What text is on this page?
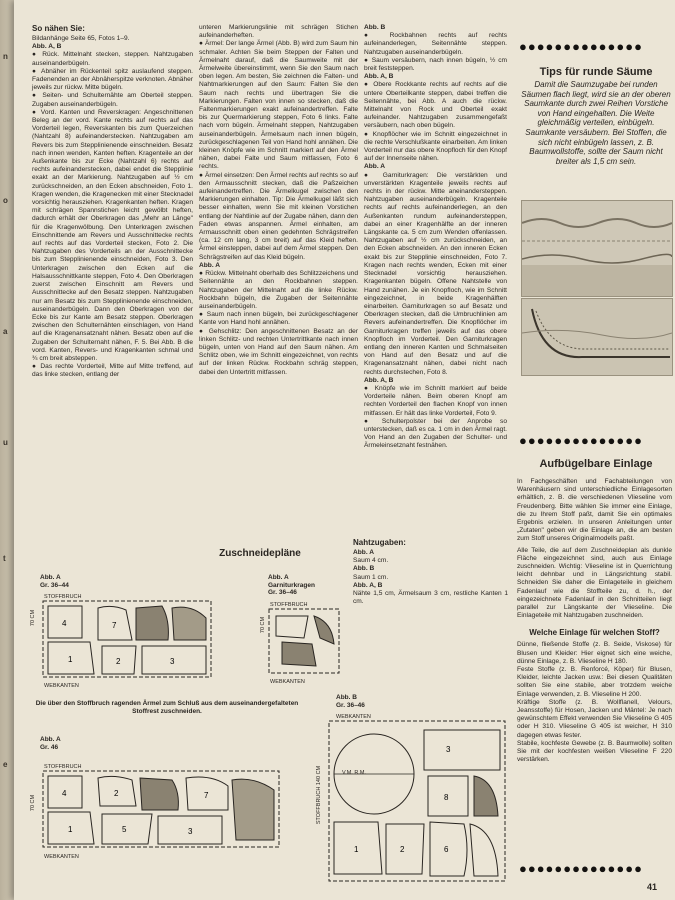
n
o
a
u
t
e

So nähen Sie:

Bildanhänge Seite 65, Fotos 1–9.

Abb. A, B

● Rück. Mittelnaht stecken, steppen. Nahtzugaben auseinanderbügeln.

● Abnäher im Rückenteil spitz auslaufend steppen. Fadenenden an der Abnäherspitze verknoten. Abnäher jeweils zur rückw. Mitte bügeln.

● Seiten- und Schulternähte am Oberteil steppen. Zugaben auseinanderbügeln.

● Vord. Kanten und Reverskragen: Angeschnittenen Beleg an der vord. Kante rechts auf rechts auf das Vorderteil legen, Reverskanten bis zum Querzeichen (Nahtzahl 8) aufeinanderstecken. Nahtzugaben am Revers bis zum Stepplinienende einschneiden. Besatz nach innen wenden, Kanten heften. Kragenteile an der Außenkante bis zur Ecke (Nahtzahl 6) rechts auf rechts aufeinanderstecken, dabei endet die Stepplinie exakt an der Markierung. Nahtzugaben auf ½ cm zurückschneiden, an den Ecken abschneiden, Foto 1. Kragen wenden, die Kragenecken mit einer Stecknadel vorsichtig herausziehen. Kragenkanten heften. Kragen mit schrägen Spannstichen leicht gewölbt heften, dadurch erhält der Oberkragen das „Mehr an Länge" für die Kragenwölbung. Den Unterkragen zwischen Einschnittende am Revers und Ausschnittecke rechts auf rechts auf das Vorderteil stecken, Foto 2. Die Nahtzugaben des Vorderteils an der Ausschnittecke bis zum Stepplinienende einschneiden, Foto 3. Den Unterkragen zwischen den Ecken auf die Halsausschnittkante steppen, Foto 4. Den Oberkragen zuerst zwischen Einschnitt am Revers und Ausschnittecke auf den Besatz steppen. Nahtzugaben nur am Besatz bis zum Stepplinienende einschneiden, auseinanderbügeln. Dann den Oberkragen von der Ecke bis zur Kante am Besatz steppen. Oberkragen zwischen den Schulternähten einschlagen, von Hand auf die Kragenansatznaht nähen. Besatz oben auf die Zugaben der Schulternaht nähen, F. 5. Bei Abb. B die vord. Kanten, Revers- und Kragenkanten schmal und ¾ cm breit absteppen.

● Das rechte Vorderteil, Mitte auf Mitte treffend, auf das linke stecken, entlang der

unteren Markierungslinie mit schrägen Stichen aufeinanderheften.

● Ärmel: Der lange Ärmel (Abb. B) wird zum Saum hin schmaler. Achten Sie beim Steppen der Falten und Ärmelnaht darauf, daß die Saumweite mit der Ärmelweite übereinstimmt, wenn Sie den Saum nach oben legen. Am besten, Sie zeichnen die Falten- und Nahtmarkierungen auf den Saum: Falten Sie den Saum nach rechts und übertragen Sie die Markierungen. Falten von innen so stecken, daß die Faltenmarkierungen exakt aufeinandertreffen. Falte bis zur Quermarkierung steppen, Foto 6 links. Falte nach vorn bügeln. Ärmelnaht steppen, Nahtzugaben auseinanderbügeln. Ärmelsaum nach innen bügeln, zurückgeschlagenen Teil von Hand hohl annähen. Die kleinen Knöpfe wie im Schnitt markiert auf den Ärmel nähen, dabei Falte und Saum mitfassen, Foto 6 rechts.

● Ärmel einsetzen: Den Ärmel rechts auf rechts so auf den Armausschnitt stecken, daß die Paßzeichen aufeinandertreffen. Die Ärmelkugel zwischen den Markierungen einhalten. Tip: Die Ärmelkugel läßt sich besser einhalten, wenn Sie mit kleinen Vorstichen entlang der Nahtlinie auf der Zugabe nähen, dann den Faden etwas anspannen. Ärmel einhalten, am Armausschnitt oben einen gedehnten Schrägstreifen (ca. 12 cm lang, 3 cm breit) auf das Kleid heften. Ärmel einsteppen, dabei auf dem Ärmel steppen. Den Schrägstreifen auf das Kleid bügeln.

Abb. A

● Rückw. Mittelnaht oberhalb des Schlitzzeichens und Seitennähte an den Rockbahnen steppen. Nahtzugaben der Mittelnaht auf die linke Rückw. Rockbahn bügeln, die Zugaben der Seitennähte auseinanderbügeln.

● Saum nach innen bügeln, bei zurückgeschlagener Kante von Hand hohl annähen.

● Gehschlitz: Den angeschnittenen Besatz an der linken Schlitz- und rechten Untertrittkante nach innen bügeln, unten von Hand auf den Saum nähen. Am Schlitz oben, wie im Schnitt eingezeichnet, von rechts auf der linken Rückw. Rockbahn schräg steppen, dabei den Untertritt mitfassen.

Abb. B

● Rockbahnen rechts auf rechts aufeinanderlegen, Seitennähte steppen. Nahtzugaben auseinanderbügeln.

● Saum versäubern, nach innen bügeln, ½ cm breit feststeppen.

Abb. A, B

● Obere Rockkante rechts auf rechts auf die untere Oberteilkante steppen, dabei treffen die Seitennähte, bei Abb. A auch die rückw. Mittelnaht von Rock und Oberteil exakt aufeinander. Nahtzugaben zusammengefaßt versäubern, nach oben bügeln.

● Knopflöcher wie im Schnitt eingezeichnet in die rechte Verschlußkante einarbeiten. Am linken Vorderteil nur das obere Knopfloch für den Knopf auf der Innenseite nähen.

Abb. A

● Garniturkragen: Die verstärkten und unverstärkten Kragenteile jeweils rechts auf rechts in der rückw. Mitte aneinandersteppen. Nahtzugaben auseinanderbügeln. Kragenteile rechts auf rechts aufeinanderlegen, an den Außenkanten rundum aufeinandersteppen, dabei an einer Kragenhälfte an der inneren Längskante ca. 5 cm zum Wenden offenlassen. Nahtzugaben auf ½ cm zurückschneiden, an den Ecken abschneiden. An den inneren Ecken exakt bis zur Stepplinie einschneiden, Foto 7. Kragen nach rechts wenden, Ecken mit einer Stecknadel vorsichtig herausziehen. Kragenkanten bügeln. Offene Nahtstelle von Hand zunähen. Je ein Knopfloch, wie im Schnitt eingezeichnet, in beide Kragenhälften einarbeiten. Garniturkragen so auf Besatz und Oberkragen stecken, daß die Umbruchlinien am Revers aufeinandertreffen. Die Knopflöcher im Garniturkragen treffen jeweils auf das obere Knopfloch im Vorderteil. Den Garniturkragen entlang den inneren Kanten und Schmalseiten von Hand auf den Besatz und auf die Kragenansatznaht nähen, dabei nicht nach rechts durchstechen, Foto 8.

Abb. A, B

● Knöpfe wie im Schnitt markiert auf beide Vorderteile nähen. Beim oberen Knopf am rechten Vorderteil den flachen Knopf von innen mitfassen. Er hält das linke Vorderteil, Foto 9.

● Schulterpolster bei der Anprobe so unterstecken, daß es ca. 1 cm in den Ärmel ragt. Von Hand an den Zugaben der Schulter- und Ärmeleinsetznaht festnähen.

Nahtzugaben:

Abb. A

Saum 4 cm.

Abb. B

Saum 1 cm.

Abb. A, B

Nähte 1,5 cm, Ärmelsaum 3 cm, restliche Kanten 1 cm.

●●●●●●●●●●●●●●
Tips für runde Säume
Damit die Saumzugabe bei runden Säumen flach liegt, wird sie an der oberen Saumkante durch zwei Reihen Vorstiche von Hand eingehalten. Die Weite gleichmäßig verteilen, einbügeln. Saumkante versäubern. Bei Stoffen, die sich nicht einbügeln lassen, z. B. Baumwollstoffe, sollte der Saum nicht breiter als 1,5 cm sein.
●●●●●●●●●●●●●●
Aufbügelbare Einlage

In Fachgeschäften und Fachabteilungen von Warenhäusern sind unterschiedliche Einlagesorten erhältlich, z. B. die verschiedenen Vlieseline vom Freudenberg. Bitte wählen Sie immer eine Einlage, die zu Ihrem Stoff paßt, damit Sie ein optimales Ergebnis erzielen. In unseren Anleitungen unter „Zutaten" geben wir die Einlage an, die am besten zum Stoff unseres Originalmodells paßt.

Alle Teile, die auf dem Zuschneideplan als dunkle Fläche eingezeichnet sind, auch aus Einlage zuschneiden. Wichtig: Vlieseline ist in Querrichtung leicht dehnbar und in Längsrichtung stabil. Schneiden Sie daher die Einlageteile in gleichem Fadenlauf wie die Stoffteile zu, d. h., der eingezeichnete Fadenlauf in den Schnitteilen liegt parallel zur Längskante der Vlieseline. Die Einlageteile mit Nahtzugaben zuschneiden.

Welche Einlage für welchen Stoff?

Dünne, fließende Stoffe (z. B. Seide, Viskose) für Blusen und Kleider: Hier eignet sich eine weiche, dünne Einlage, z. B. Vlieseline H 180.

Feste Stoffe (z. B. Renforcé, Köper) für Blusen, Kleider, leichte Jacken usw.: Bei diesen Qualitäten sollten Sie eine stabile, aber trotzdem weiche Einlage verwenden, z. B. Vlieseline H 200.

Kräftige Stoffe (z. B. Wollflanell, Velours, Jeansstoffe) für Hosen, Jacken und Mäntel: Je nach gewünschtem Effekt verwenden Sie Vlieseline G 405 oder H 310. Vlieseline G 405 ist weicher, H 310 dagegen etwas fester.

Stabile, kochfeste Gewebe (z. B. Baumwolle) sollten Sie mit der kochfesten weißen Vlieseline F 220 verstärken.

●●●●●●●●●●●●●●
Zuschneidepläne
Abb. A
Gr. 36–44
STOFFBRUCH
70 CM	4
1
7
2	3
WEBKANTEN
Abb. A
Garniturkragen
Gr. 36–46
STOFFBRUCH
70 CM
WEBKANTEN
Die über den Stoffbruch ragenden Ärmel zum Schluß aus dem auseinandergefalteten Stoffrest zuschneiden.
Abb. A
Gr. 46
STOFFBRUCH
70 CM
4
1
2
5
7
3
WEBKANTEN
Abb. B
Gr. 36–46
WEBKANTEN
STOFFBRUCH 140 CM
3
8
1	2	6
V.M. R.M.
41
